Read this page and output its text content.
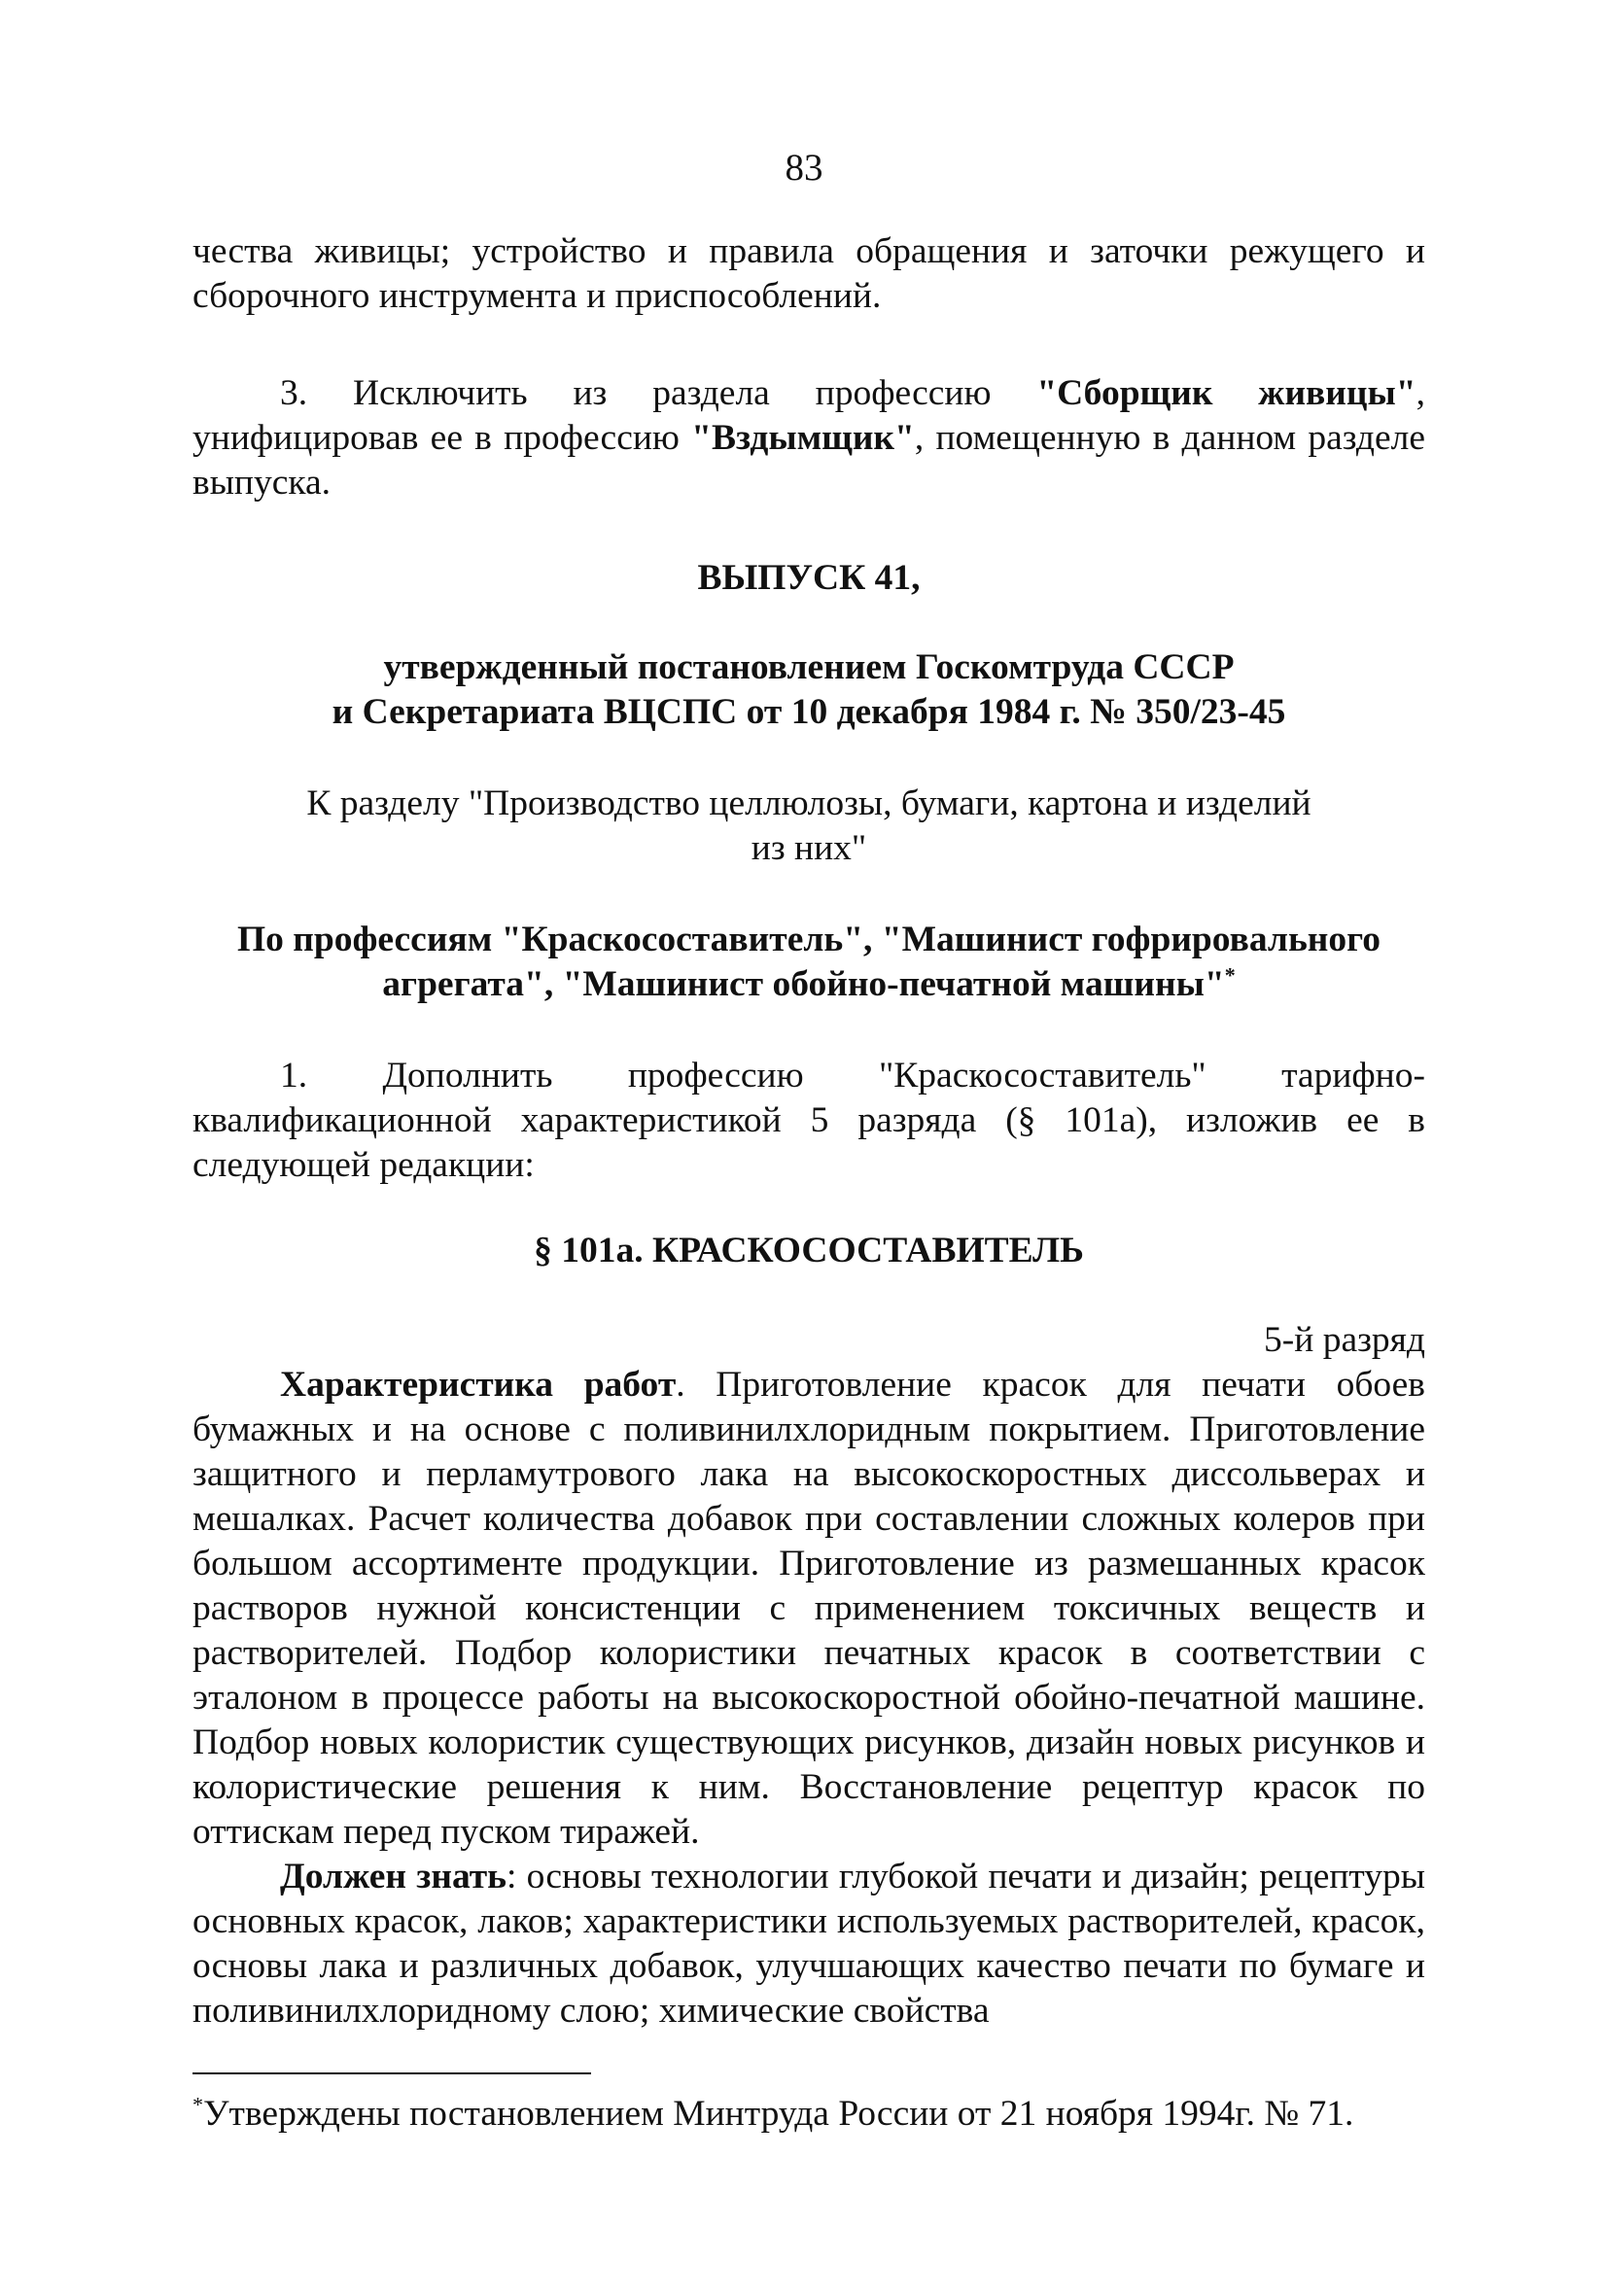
83

чества живицы; устройство и правила обращения и заточки режущего и

сборочного инструмента и приспособлений.

3. Исключить из раздела профессию "Сборщик живицы", унифицировав ее в профессию "Вздымщик", помещенную в данном разделе выпуска.

ВЫПУСК 41,
утвержденный постановлением Госкомтруда СССР
и Секретариата ВЦСПС от 10 декабря 1984 г. № 350/23-45
К разделу "Производство целлюлозы, бумаги, картона и изделий
из них"
По профессиям "Краскосоставитель", "Машинист гофрировального
агрегата", "Машинист обойно-печатной машины"*

1. Дополнить профессию "Краскосоставитель" тарифно-квалификационной характеристикой 5 разряда (§ 101а), изложив ее в следующей редакции:

§ 101а. КРАСКОСОСТАВИТЕЛЬ
5-й разряд

Характеристика работ. Приготовление красок для печати обоев бумажных и на основе с поливинилхлоридным покрытием. Приготовление защитного и перламутрового лака на высокоскоростных диссольверах и мешалках. Расчет количества добавок при составлении сложных колеров при большом ассортименте продукции. Приготовление из размешанных красок растворов нужной консистенции с применением токсичных веществ и растворителей. Подбор колористики печатных красок в соответствии с эталоном в процессе работы на высокоскоростной обойно-печатной машине. Подбор новых колористик существующих рисунков, дизайн новых рисунков и колористические решения к ним. Восстановление рецептур красок по оттискам перед пуском тиражей.

Должен знать: основы технологии глубокой печати и дизайн; рецептуры основных красок, лаков; характеристики используемых растворителей, красок, основы лака и различных добавок, улучшающих качество печати по бумаге и поливинилхлоридному слою; химические свойства

*Утверждены постановлением Минтруда России от 21 ноября 1994г. № 71.
